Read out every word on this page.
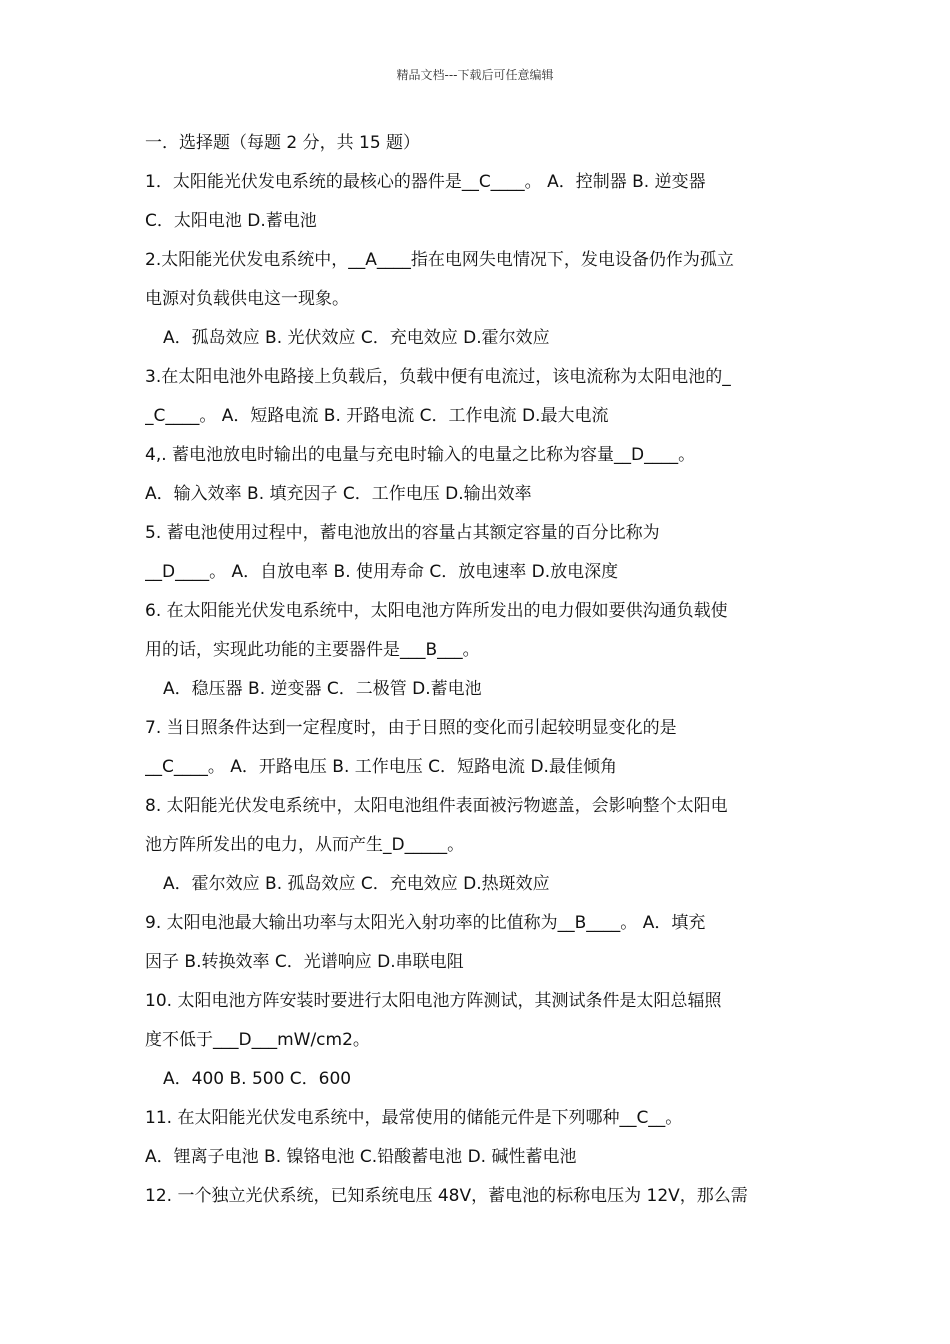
精品文档---下载后可任意编辑
一．选择题（每题 2 分，共 15 题）
1．太阳能光伏发电系统的最核心的器件是__C____。 A．控制器 B. 逆变器
C．太阳电池 D.蓄电池
2.太阳能光伏发电系统中，__A____指在电网失电情况下，发电设备仍作为孤立
电源对负载供电这一现象。
A．孤岛效应 B. 光伏效应 C．充电效应 D.霍尔效应
3.在太阳电池外电路接上负载后，负载中便有电流过，该电流称为太阳电池的_
_C____。 A．短路电流 B. 开路电流 C．工作电流 D.最大电流
4,. 蓄电池放电时输出的电量与充电时输入的电量之比称为容量__D____。
A．输入效率 B. 填充因子 C．工作电压 D.输出效率
5. 蓄电池使用过程中，蓄电池放出的容量占其额定容量的百分比称为
__D____。 A．自放电率 B. 使用寿命 C．放电速率 D.放电深度
6. 在太阳能光伏发电系统中，太阳电池方阵所发出的电力假如要供沟通负载使
用的话，实现此功能的主要器件是___B___。
A．稳压器 B. 逆变器 C．二极管 D.蓄电池
7. 当日照条件达到一定程度时，由于日照的变化而引起较明显变化的是
__C____。 A．开路电压 B. 工作电压 C．短路电流 D.最佳倾角
8. 太阳能光伏发电系统中，太阳电池组件表面被污物遮盖，会影响整个太阳电
池方阵所发出的电力，从而产生_D_____。
A．霍尔效应 B. 孤岛效应 C．充电效应 D.热斑效应
9. 太阳电池最大输出功率与太阳光入射功率的比值称为__B____。 A．填充
因子 B.转换效率 C．光谱响应 D.串联电阻
10. 太阳电池方阵安装时要进行太阳电池方阵测试，其测试条件是太阳总辐照
度不低于___D___mW/cm2。
A．400 B. 500 C．600
11. 在太阳能光伏发电系统中，最常使用的储能元件是下列哪种__C__。
A．锂离子电池 B. 镍铬电池 C.铅酸蓄电池 D. 碱性蓄电池
12. 一个独立光伏系统，已知系统电压 48V，蓄电池的标称电压为 12V，那么需
